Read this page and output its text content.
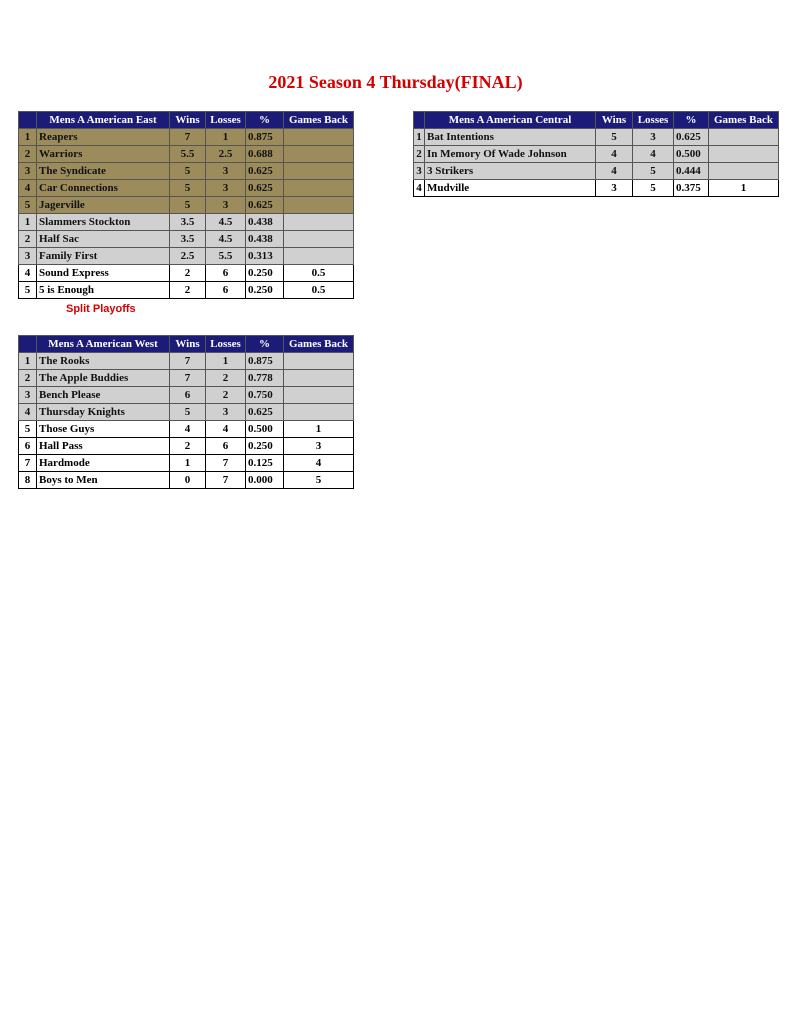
2021 Season 4 Thursday(FINAL)
	Mens A American East	Wins	Losses	%	Games Back
1	Reapers	7	1	0.875	
2	Warriors	5.5	2.5	0.688	
3	The Syndicate	5	3	0.625	
4	Car Connections	5	3	0.625	
5	Jagerville	5	3	0.625	
1	Slammers Stockton	3.5	4.5	0.438	
2	Half Sac	3.5	4.5	0.438	
3	Family First	2.5	5.5	0.313	
4	Sound Express	2	6	0.250	0.5
5	5 is Enough	2	6	0.250	0.5
Split Playoffs
	Mens A American Central	Wins	Losses	%	Games Back
1	Bat Intentions	5	3	0.625	
2	In Memory Of Wade Johnson	4	4	0.500	
3	3 Strikers	4	5	0.444	
4	Mudville	3	5	0.375	1
	Mens A American West	Wins	Losses	%	Games Back
1	The Rooks	7	1	0.875	
2	The Apple Buddies	7	2	0.778	
3	Bench Please	6	2	0.750	
4	Thursday Knights	5	3	0.625	
5	Those Guys	4	4	0.500	1
6	Hall Pass	2	6	0.250	3
7	Hardmode	1	7	0.125	4
8	Boys to Men	0	7	0.000	5
